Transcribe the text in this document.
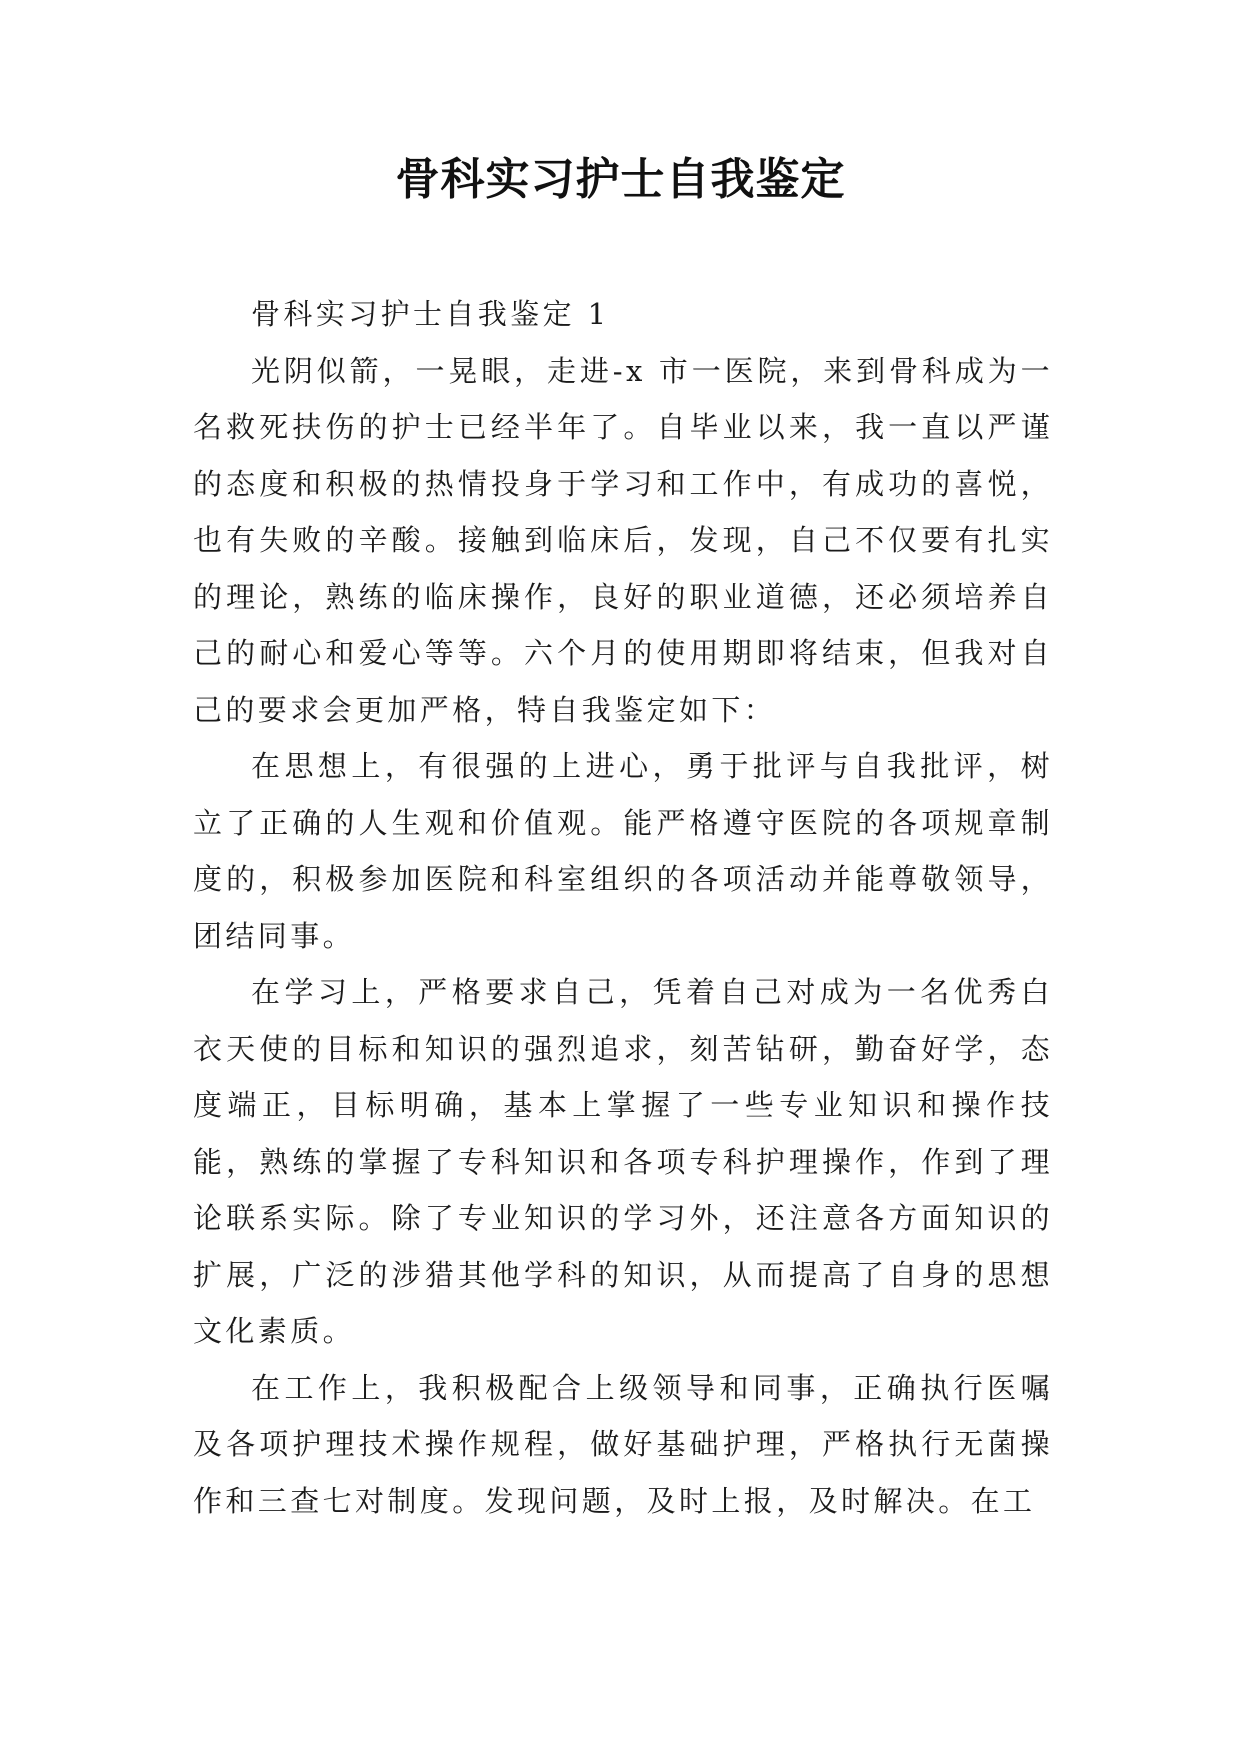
骨科实习护士自我鉴定

骨科实习护士自我鉴定 1

光阴似箭，一晃眼，走进-x 市一医院，来到骨科成为一名救死扶伤的护士已经半年了。自毕业以来，我一直以严谨的态度和积极的热情投身于学习和工作中，有成功的喜悦，也有失败的辛酸。接触到临床后，发现，自己不仅要有扎实的理论，熟练的临床操作，良好的职业道德，还必须培养自己的耐心和爱心等等。六个月的使用期即将结束，但我对自己的要求会更加严格，特自我鉴定如下：

在思想上，有很强的上进心，勇于批评与自我批评，树立了正确的人生观和价值观。能严格遵守医院的各项规章制度的，积极参加医院和科室组织的各项活动并能尊敬领导，团结同事。

在学习上，严格要求自己，凭着自己对成为一名优秀白衣天使的目标和知识的强烈追求，刻苦钻研，勤奋好学，态度端正，目标明确，基本上掌握了一些专业知识和操作技能，熟练的掌握了专科知识和各项专科护理操作，作到了理论联系实际。除了专业知识的学习外，还注意各方面知识的扩展，广泛的涉猎其他学科的知识，从而提高了自身的思想文化素质。

在工作上，我积极配合上级领导和同事，正确执行医嘱及各项护理技术操作规程，做好基础护理，严格执行无菌操作和三查七对制度。发现问题，及时上报，及时解决。在工
